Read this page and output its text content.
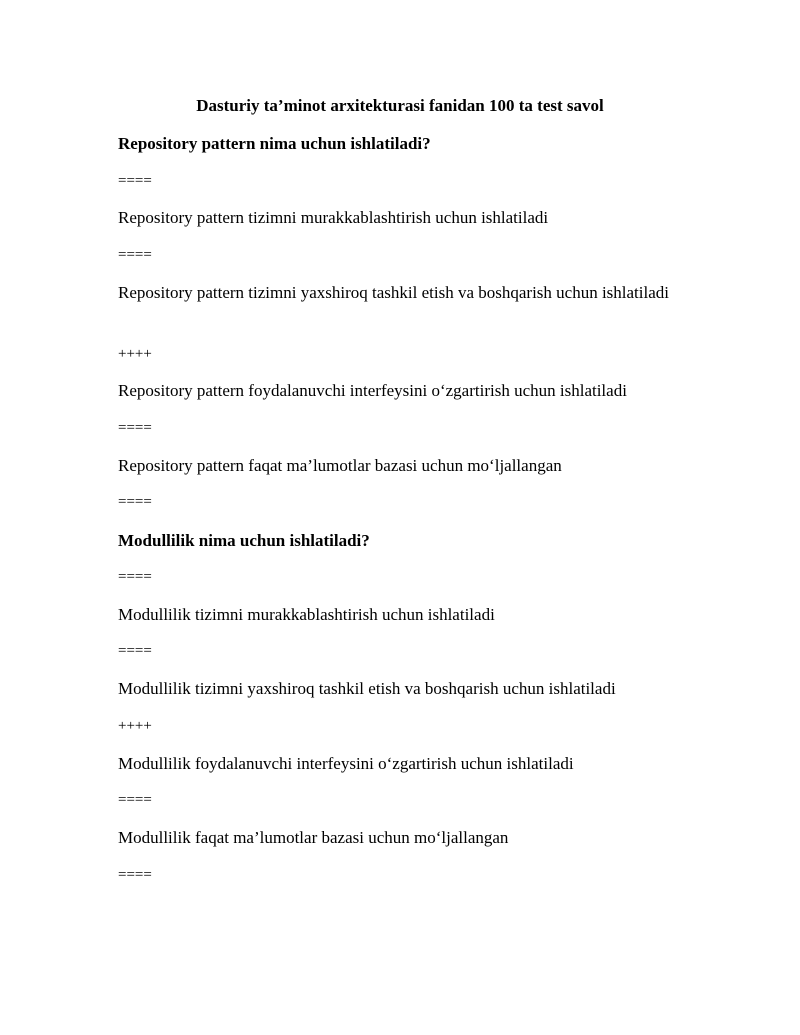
Dasturiy ta’minot arxitekturasi fanidan 100 ta test savol
Repository pattern nima uchun ishlatiladi?
====
Repository pattern tizimni murakkablashtirish uchun ishlatiladi
====
Repository pattern tizimni yaxshiroq tashkil etish va boshqarish uchun ishlatiladi
++++
Repository pattern foydalanuvchi interfeysini o‘zgartirish uchun ishlatiladi
====
Repository pattern faqat ma’lumotlar bazasi uchun mo‘ljallangan
====
Modullilik nima uchun ishlatiladi?
====
Modullilik tizimni murakkablashtirish uchun ishlatiladi
====
Modullilik tizimni yaxshiroq tashkil etish va boshqarish uchun ishlatiladi
++++
Modullilik foydalanuvchi interfeysini o‘zgartirish uchun ishlatiladi
====
Modullilik faqat ma’lumotlar bazasi uchun mo‘ljallangan
====
